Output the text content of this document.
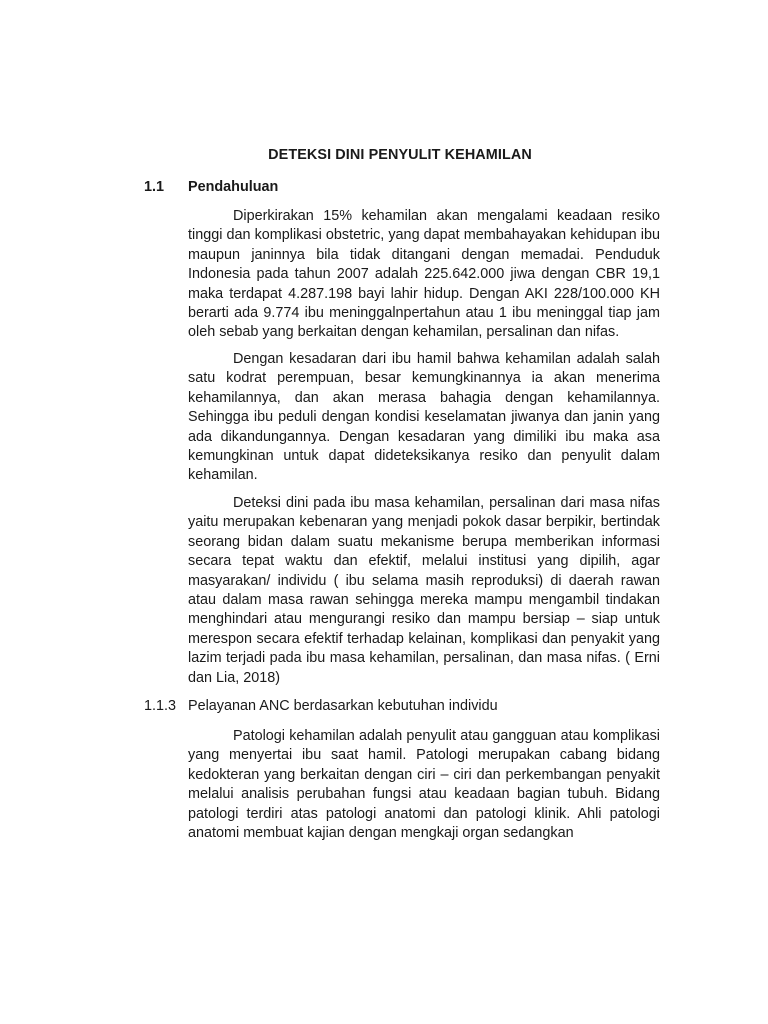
DETEKSI DINI PENYULIT KEHAMILAN
1.1 Pendahuluan

Diperkirakan 15% kehamilan akan mengalami keadaan resiko tinggi dan komplikasi obstetric, yang dapat membahayakan kehidupan ibu maupun janinnya bila tidak ditangani dengan memadai. Penduduk Indonesia pada tahun 2007 adalah 225.642.000 jiwa dengan CBR 19,1 maka terdapat 4.287.198 bayi lahir hidup. Dengan AKI 228/100.000 KH berarti ada 9.774 ibu meninggalnpertahun atau 1 ibu meninggal tiap jam oleh sebab yang berkaitan dengan kehamilan, persalinan dan nifas.

Dengan kesadaran dari ibu hamil bahwa kehamilan adalah salah satu kodrat perempuan, besar kemungkinannya ia akan menerima kehamilannya, dan akan merasa bahagia dengan kehamilannya. Sehingga ibu peduli dengan kondisi keselamatan jiwanya dan janin yang ada dikandungannya. Dengan kesadaran yang dimiliki ibu maka asa kemungkinan untuk dapat dideteksikanya resiko dan penyulit dalam kehamilan.

Deteksi dini pada ibu masa kehamilan, persalinan dari masa nifas yaitu merupakan kebenaran yang menjadi pokok dasar berpikir, bertindak seorang bidan dalam suatu mekanisme berupa memberikan informasi secara tepat waktu dan efektif, melalui institusi yang dipilih, agar masyarakan/ individu ( ibu selama masih reproduksi) di daerah rawan atau dalam masa rawan sehingga mereka mampu mengambil tindakan menghindari atau mengurangi resiko dan mampu bersiap – siap untuk merespon secara efektif terhadap kelainan, komplikasi dan penyakit yang lazim terjadi pada ibu masa kehamilan, persalinan, dan masa nifas. ( Erni dan Lia, 2018)

1.1.3 Pelayanan ANC berdasarkan kebutuhan individu

Patologi kehamilan adalah penyulit atau gangguan atau komplikasi yang menyertai ibu saat hamil. Patologi merupakan cabang bidang kedokteran yang berkaitan dengan ciri – ciri dan perkembangan penyakit melalui analisis perubahan fungsi atau keadaan bagian tubuh. Bidang patologi terdiri atas patologi anatomi dan patologi klinik. Ahli patologi anatomi membuat kajian dengan mengkaji organ sedangkan
